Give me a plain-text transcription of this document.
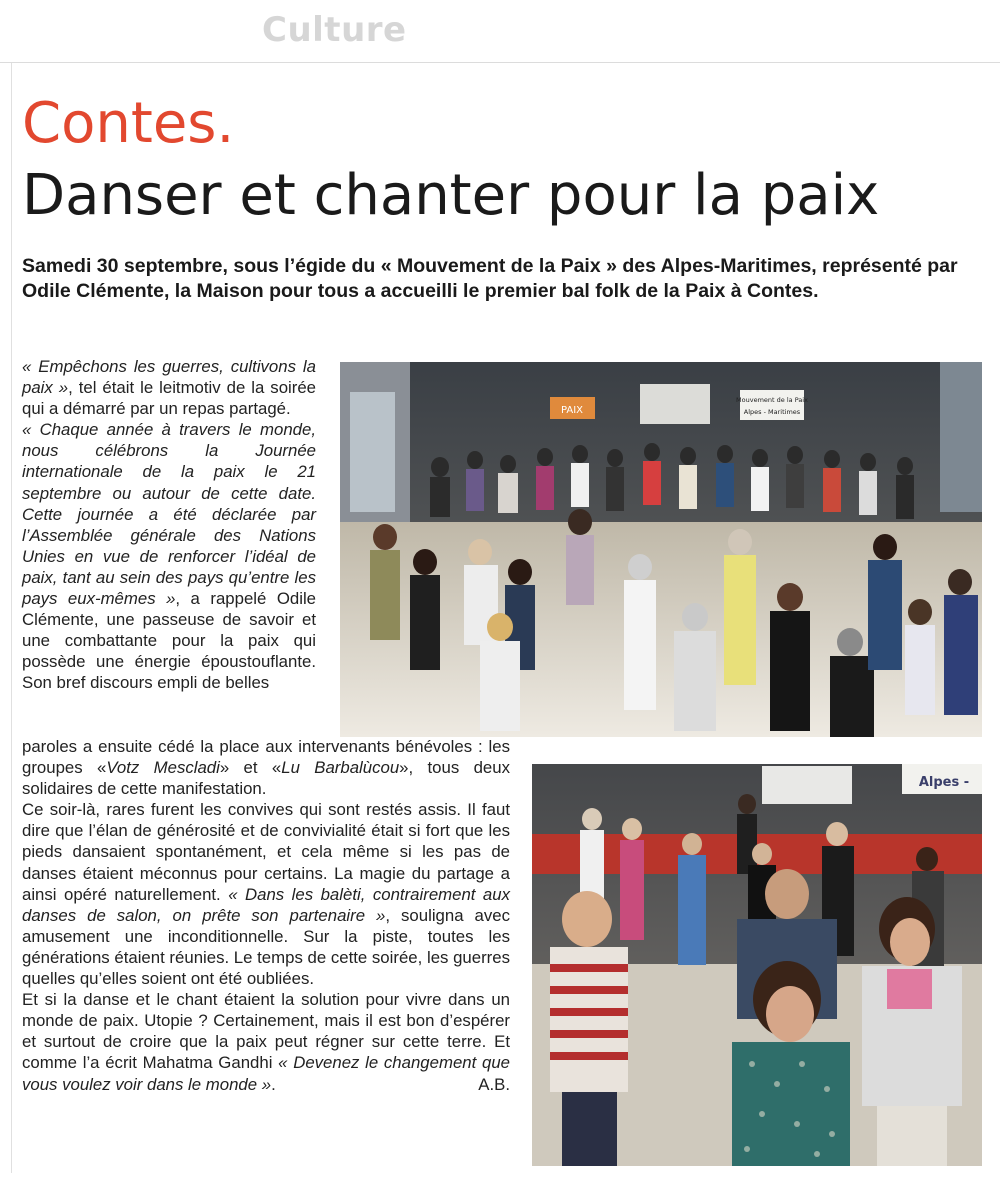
Culture
Contes.
Danser et chanter pour la paix

Samedi 30 septembre, sous l’égide du « Mouvement de la Paix » des Alpes-Maritimes, représenté par Odile Clémente, la Maison pour tous a accueilli le premier bal folk de la Paix à Contes.

« Empêchons les guerres, cultivons la paix », tel était le leitmotiv de la soirée qui a démarré par un repas partagé.

« Chaque année à travers le monde, nous célébrons la Journée internationale de la paix le 21 septembre ou autour de cette date. Cette journée a été déclarée par l’Assemblée générale des Nations Unies en vue de renforcer l’idéal de paix, tant au sein des pays qu’entre les pays eux-mêmes », a rappelé Odile Clémente, une passeuse de savoir et une combattante pour la paix qui possède une énergie époustouflante. Son bref discours empli de belles

paroles a ensuite cédé la place aux intervenants bénévoles : les groupes «Votz Mescladi» et «Lu Barbalùcou», tous deux solidaires de cette manifestation.

Ce soir-là, rares furent les convives qui sont restés assis. Il faut dire que l’élan de générosité et de convivialité était si fort que les pieds dansaient spontanément, et cela même si les pas de danses étaient méconnus pour certains. La magie du partage a ainsi opéré naturellement. « Dans les balèti, contrairement aux danses de salon, on prête son partenaire », souligna avec amusement une inconditionnelle. Sur la piste, toutes les générations étaient réunies. Le temps de cette soirée, les guerres quelles qu’elles soient ont été oubliées.

Et si la danse et le chant étaient la solution pour vivre dans un monde de paix. Utopie ? Certainement, mais il est bon d’espérer et surtout de croire que la paix peut régner sur cette terre. Et comme l’a écrit Mahatma Gandhi « Devenez le changement que vous voulez voir dans le monde ».	A.B.
PAIX
Mouvement de la Paix
Alpes - Maritimes
Alpes -
